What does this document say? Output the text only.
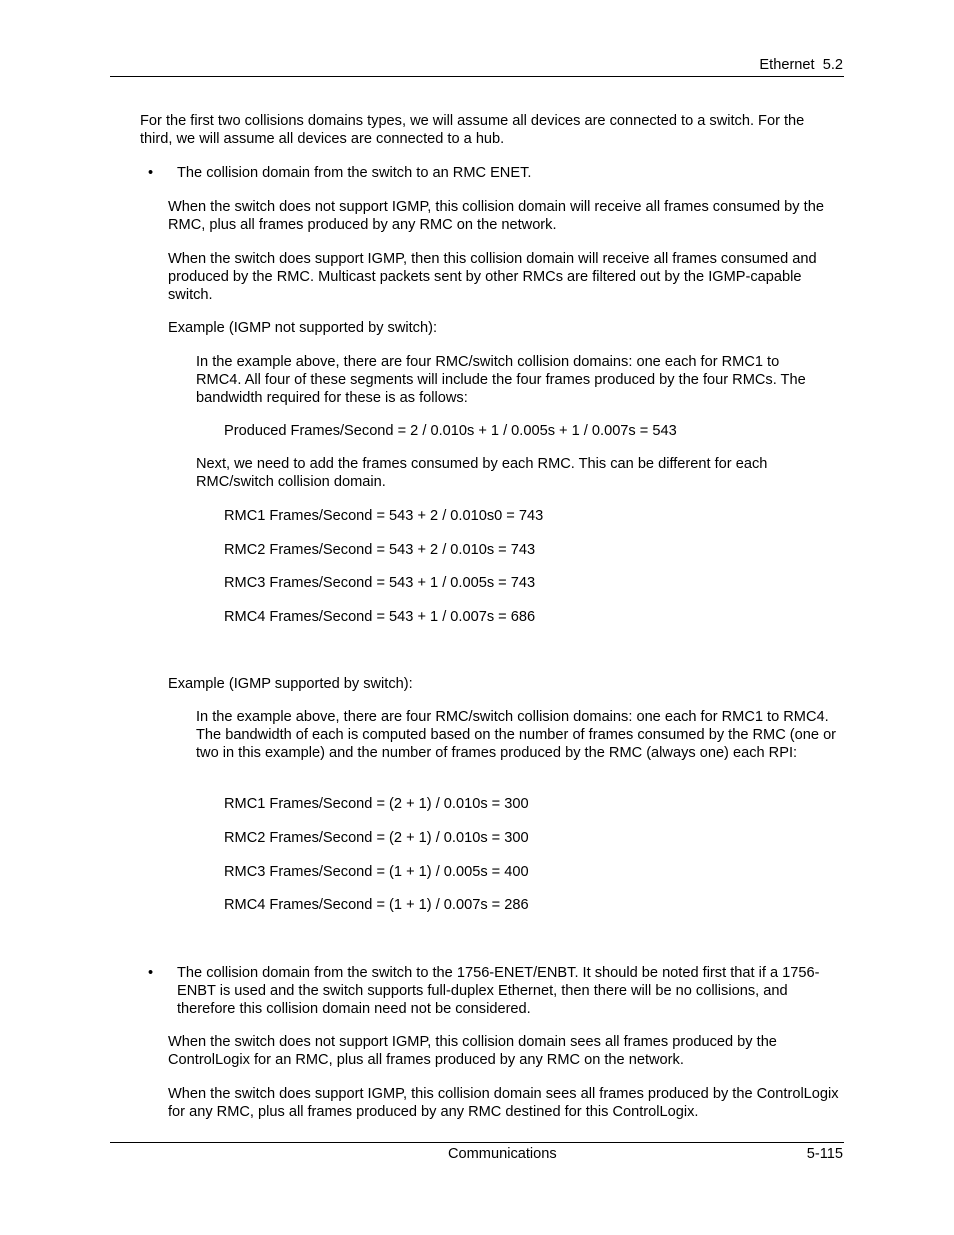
Ethernet  5.2

For the first two collisions domains types, we will assume all devices are connected to a switch. For the third, we will assume all devices are connected to a hub.

• The collision domain from the switch to an RMC ENET.

When the switch does not support IGMP, this collision domain will receive all frames consumed by the RMC, plus all frames produced by any RMC on the network.

When the switch does support IGMP, then this collision domain will receive all frames consumed and produced by the RMC. Multicast packets sent by other RMCs are filtered out by the IGMP-capable switch.

Example (IGMP not supported by switch):

In the example above, there are four RMC/switch collision domains: one each for RMC1 to RMC4. All four of these segments will include the four frames produced by the four RMCs. The bandwidth required for these is as follows:

Produced Frames/Second = 2 / 0.010s + 1 / 0.005s + 1 / 0.007s = 543

Next, we need to add the frames consumed by each RMC. This can be different for each RMC/switch collision domain.

RMC1 Frames/Second = 543 + 2 / 0.010s0 = 743

RMC2 Frames/Second = 543 + 2 / 0.010s = 743

RMC3 Frames/Second = 543 + 1 / 0.005s = 743

RMC4 Frames/Second = 543 + 1 / 0.007s = 686

Example (IGMP supported by switch):

In the example above, there are four RMC/switch collision domains: one each for RMC1 to RMC4. The bandwidth of each is computed based on the number of frames consumed by the RMC (one or two in this example) and the number of frames produced by the RMC (always one) each RPI:

RMC1 Frames/Second = (2 + 1) / 0.010s = 300

RMC2 Frames/Second = (2 + 1) / 0.010s = 300

RMC3 Frames/Second = (1 + 1) / 0.005s = 400

RMC4 Frames/Second = (1 + 1) / 0.007s = 286

• The collision domain from the switch to the 1756-ENET/ENBT. It should be noted first that if a 1756-ENBT is used and the switch supports full-duplex Ethernet, then there will be no collisions, and therefore this collision domain need not be considered.

When the switch does not support IGMP, this collision domain sees all frames produced by the ControlLogix for an RMC, plus all frames produced by any RMC on the network.

When the switch does support IGMP, this collision domain sees all frames produced by the ControlLogix for any RMC, plus all frames produced by any RMC destined for this ControlLogix.

Communications	5-115
